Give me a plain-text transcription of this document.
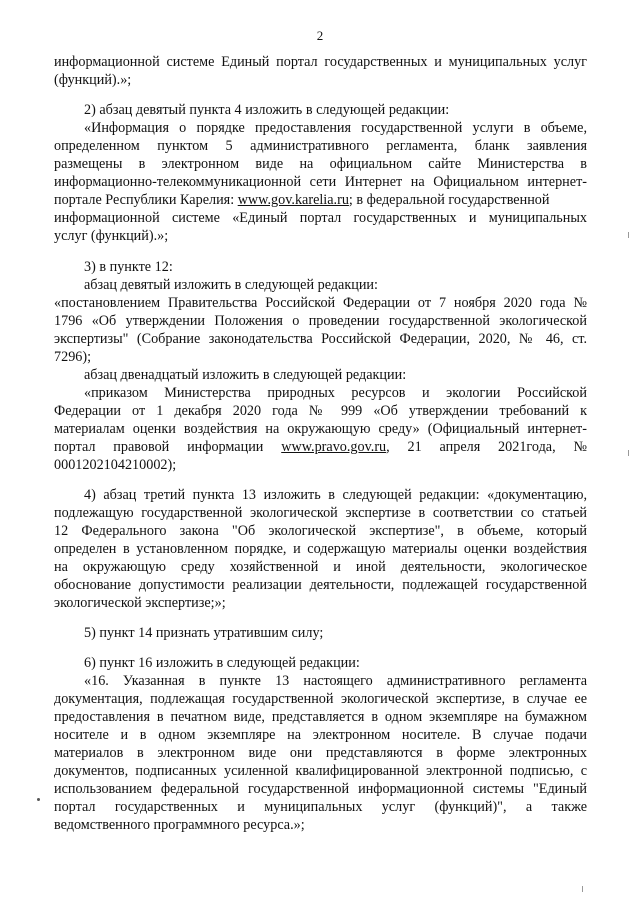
2
информационной системе Единый портал государственных и муниципальных услуг
(функций).»;
2) абзац девятый пункта 4 изложить в следующей редакции:
«Информация о порядке предоставления государственной услуги в объеме,
определенном пунктом 5 административного регламента, бланк заявления
размещены в электронном виде на официальном сайте Министерства в
информационно-телекоммуникационной сети Интернет на Официальном интернет-
портале Республики Карелия: www.gov.karelia.ru; в федеральной государственной
информационной системе «Единый портал государственных и муниципальных
услуг (функций).»;
3) в пункте 12:
абзац девятый изложить в следующей редакции:
«постановлением Правительства Российской Федерации от 7 ноября 2020 года №
1796 «Об утверждении Положения о проведении государственной экологической
экспертизы" (Собрание законодательства Российской Федерации, 2020, № 46, ст.
7296);
абзац двенадцатый изложить в следующей редакции:
«приказом Министерства природных ресурсов и экологии Российской
Федерации от 1 декабря 2020 года № 999 «Об утверждении требований к
материалам оценки воздействия на окружающую среду» (Официальный интернет-
портал правовой информации www.pravo.gov.ru, 21 апреля 2021года, №
0001202104210002);
4) абзац третий пункта 13 изложить в следующей редакции: «документацию,
подлежащую государственной экологической экспертизе в соответствии со статьей
12 Федерального закона "Об экологической экспертизе", в объеме, который
определен в установленном порядке, и содержащую материалы оценки воздействия
на окружающую среду хозяйственной и иной деятельности, экологическое
обоснование допустимости реализации деятельности, подлежащей государственной
экологической экспертизе;»;
5) пункт 14 признать утратившим силу;
6) пункт 16 изложить в следующей редакции:
«16. Указанная в пункте 13 настоящего административного регламента
документация, подлежащая государственной экологической экспертизе, в случае ее
предоставления в печатном виде, представляется в одном экземпляре на бумажном
носителе и в одном экземпляре на электронном носителе. В случае подачи
материалов в электронном виде они представляются в форме электронных
документов, подписанных усиленной квалифицированной электронной подписью, с
использованием федеральной государственной информационной системы "Единый
портал государственных и муниципальных услуг (функций)", а также
ведомственного программного ресурса.»;
